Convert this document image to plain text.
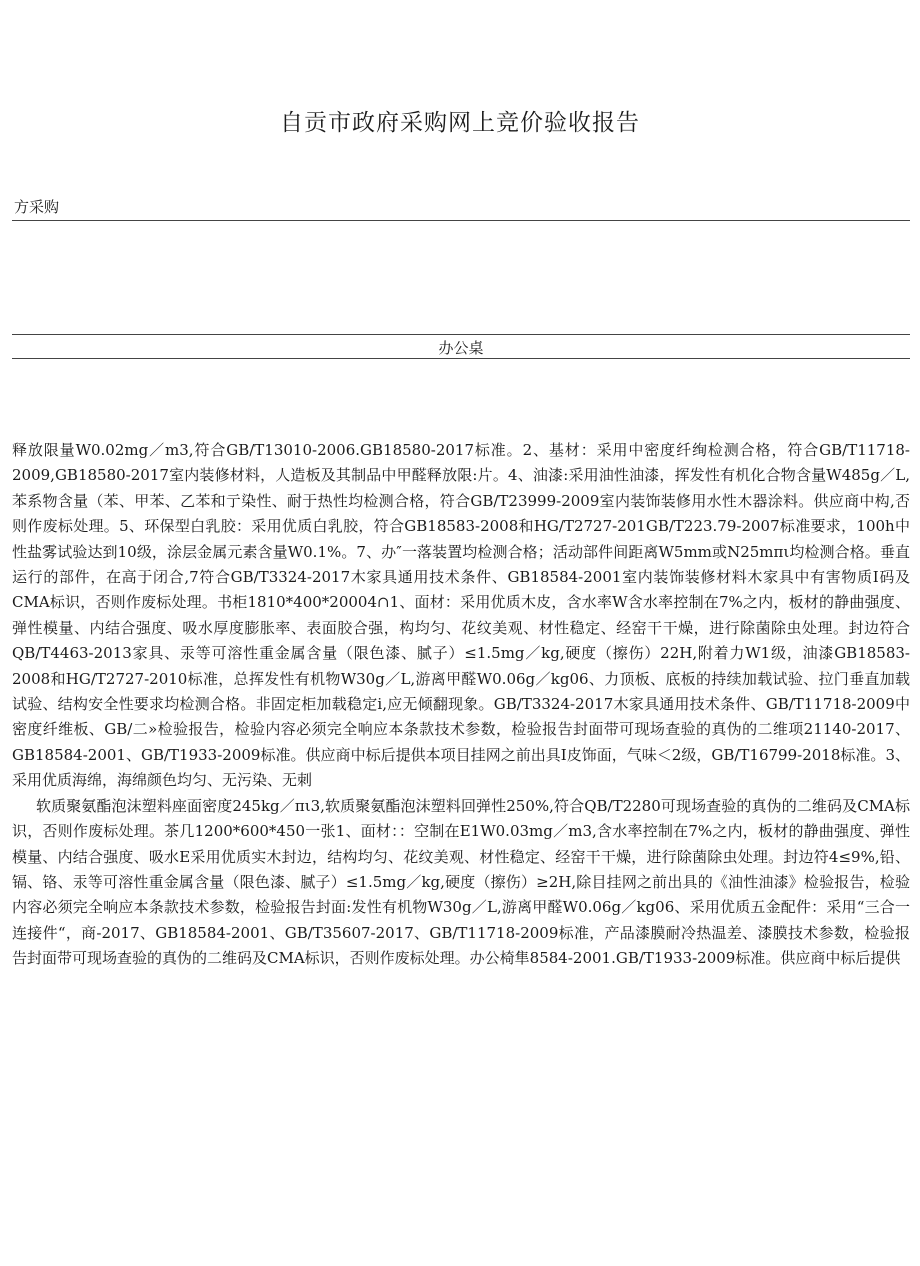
自贡市政府采购网上竞价验收报告
方采购
办公桌

释放限量W0.02mg／m3,符合GB/T13010-2006.GB18580-2017标准。2、基材：采用中密度纤绚检测合格，符合GB/T11718-2009,GB18580-2017室内装修材料，人造板及其制品中甲醛释放限:片。4、油漆:采用油性油漆，挥发性有机化合物含量W485g／L,苯系物含量（苯、甲苯、乙苯和亍染性、耐于热性均检测合格，符合GB/T23999-2009室内装饰装修用水性木器涂料。供应商中构,否则作废标处理。5、环保型白乳胶：采用优质白乳胶，符合GB18583-2008和HG/T2727-201GB/T223.79-2007标准要求，100h中性盐雾试验达到10级，涂层金属元素含量W0.1%。7、办″一落装置均检测合格；活动部件间距离W5mm或N25mπι均检测合格。垂直运行的部件，在高于闭合,7符合GB/T3324-2017木家具通用技术条件、GB18584-2001室内装饰装修材料木家具中有害物质I码及CMA标识，否则作废标处理。书柜1810*400*20004∩1、面材：采用优质木皮，含水率W含水率控制在7%之内，板材的静曲强度、弹性模量、内结合强度、吸水厚度膨胀率、表面胶合强，构均匀、花纹美观、材性稳定、经窑干干燥，进行除菌除虫处理。封边符合QB/T4463-2013家具、汞等可溶性重金属含量（限色漆、腻子）≤1.5mg／kg,硬度（擦伤）22H,附着力W1级，油漆GB18583-2008和HG/T2727-2010标准，总挥发性有机物W30g／L,游离甲醛W0.06g／kg06、力顶板、底板的持续加载试验、拉门垂直加载试验、结构安全性要求均检测合格。非固定柜加载稳定i,应无倾翻现象。GB/T3324-2017木家具通用技术条件、GB/T11718-2009中密度纤维板、GB/二»检验报告，检验内容必须完全响应本条款技术参数，检验报告封面带可现场查验的真伪的二维项21140-2017、GB18584-2001、GB/T1933-2009标准。供应商中标后提供本项目挂网之前出具I皮饰面，气味＜2级，GB/T16799-2018标准。3、采用优质海绵，海绵颜色均匀、无污染、无刺

软质聚氨酯泡沫塑料座面密度245kg／πι3,软质聚氨酯泡沫塑料回弹性250%,符合QB/T2280可现场查验的真伪的二维码及CMA标识，否则作废标处理。茶几1200*600*450一张1、面材：：空制在E1W0.03mg／m3,含水率控制在7%之内，板材的静曲强度、弹性模量、内结合强度、吸水E采用优质实木封边，结构均匀、花纹美观、材性稳定、经窑干干燥，进行除菌除虫处理。封边符4≤9%,铅、镉、铬、汞等可溶性重金属含量（限色漆、腻子）≤1.5mg／kg,硬度（擦伤）≥2H,除目挂网之前出具的《油性油漆》检验报告，检验内容必须完全响应本条款技术参数，检验报告封面:发性有机物W30g／L,游离甲醛W0.06g／kg06、采用优质五金配件：采用“三合一连接件“，商-2017、GB18584-2001、GB/T35607-2017、GB/T11718-2009标准，产品漆膜耐冷热温差、漆膜技术参数，检验报告封面带可现场查验的真伪的二维码及CMA标识，否则作废标处理。办公椅隼8584-2001.GB/T1933-2009标准。供应商中标后提供
